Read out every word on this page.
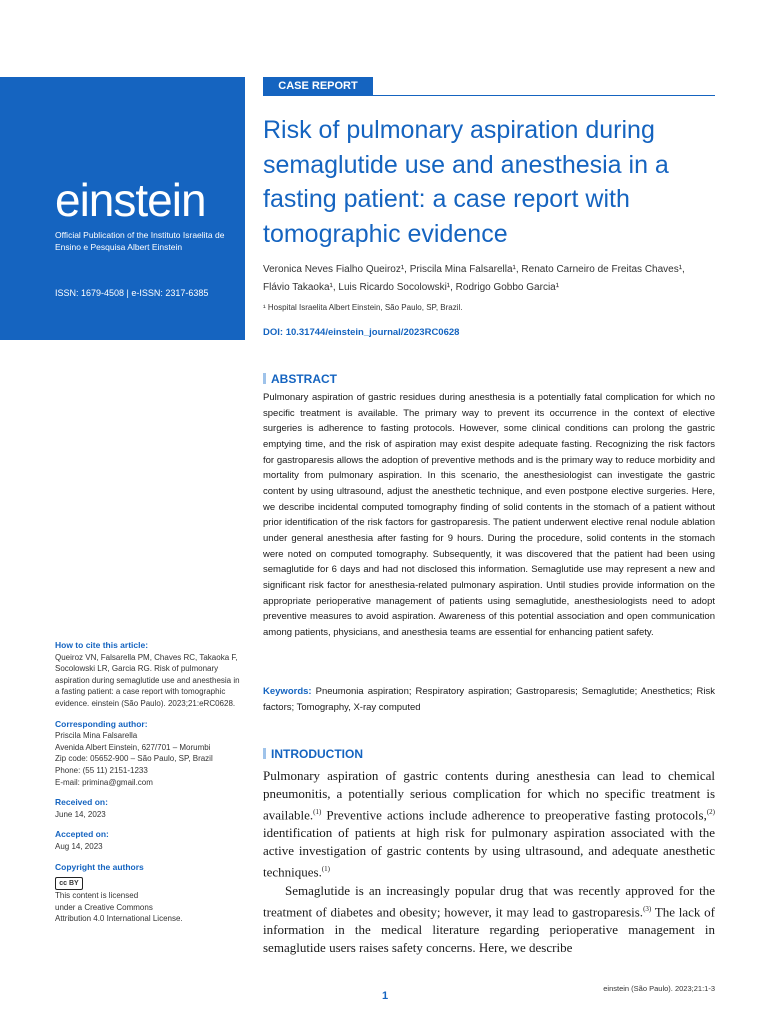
einstein
Official Publication of the Instituto Israelita de Ensino e Pesquisa Albert Einstein
ISSN: 1679-4508 | e-ISSN: 2317-6385
CASE REPORT
Risk of pulmonary aspiration during semaglutide use and anesthesia in a fasting patient: a case report with tomographic evidence
Veronica Neves Fialho Queiroz¹, Priscila Mina Falsarella¹, Renato Carneiro de Freitas Chaves¹,
Flávio Takaoka¹, Luis Ricardo Socolowski¹, Rodrigo Gobbo Garcia¹
¹ Hospital Israelita Albert Einstein, São Paulo, SP, Brazil.
DOI: 10.31744/einstein_journal/2023RC0628
ABSTRACT

Pulmonary aspiration of gastric residues during anesthesia is a potentially fatal complication for which no specific treatment is available. The primary way to prevent its occurrence in the context of elective surgeries is adherence to fasting protocols. However, some clinical conditions can prolong the gastric emptying time, and the risk of aspiration may exist despite adequate fasting. Recognizing the risk factors for gastroparesis allows the adoption of preventive methods and is the primary way to reduce morbidity and mortality from pulmonary aspiration. In this scenario, the anesthesiologist can investigate the gastric content by using ultrasound, adjust the anesthetic technique, and even postpone elective surgeries. Here, we describe incidental computed tomography finding of solid contents in the stomach of a patient without prior identification of the risk factors for gastroparesis. The patient underwent elective renal nodule ablation under general anesthesia after fasting for 9 hours. During the procedure, solid contents in the stomach were noted on computed tomography. Subsequently, it was discovered that the patient had been using semaglutide for 6 days and had not disclosed this information. Semaglutide use may represent a new and significant risk factor for anesthesia-related pulmonary aspiration. Until studies provide information on the appropriate perioperative management of patients using semaglutide, anesthesiologists need to adopt preventive measures to avoid aspiration. Awareness of this potential association and open communication among patients, physicians, and anesthesia teams are essential for enhancing patient safety.

Keywords: Pneumonia aspiration; Respiratory aspiration; Gastroparesis; Semaglutide; Anesthetics; Risk factors; Tomography, X-ray computed

INTRODUCTION

Pulmonary aspiration of gastric contents during anesthesia can lead to chemical pneumonitis, a potentially serious complication for which no specific treatment is available.$^{(1)}$ Preventive actions include adherence to preoperative fasting protocols,$^{(2)}$ identification of patients at high risk for pulmonary aspiration associated with the active investigation of gastric contents by using ultrasound, and adequate anesthetic techniques.$^{(1)}$

Semaglutide is an increasingly popular drug that was recently approved for the treatment of diabetes and obesity; however, it may lead to gastroparesis.$^{(3)}$ The lack of information in the medical literature regarding perioperative management in semaglutide users raises safety concerns. Here, we describe

How to cite this article:
Queiroz VN, Falsarella PM, Chaves RC, Takaoka F, Socolowski LR, Garcia RG. Risk of pulmonary aspiration during semaglutide use and anesthesia in a fasting patient: a case report with tomographic evidence. einstein (São Paulo). 2023;21:eRC0628.
Corresponding author:
Priscila Mina Falsarella
Avenida Albert Einstein, 627/701 – Morumbi
Zip code: 05652-900 – São Paulo, SP, Brazil
Phone: (55 11) 2151-1233
E-mail: primina@gmail.com
Received on:
June 14, 2023
Accepted on:
Aug 14, 2023
Copyright the authors
cc BY
This content is licensed
under a Creative Commons
Attribution 4.0 International License.
einstein (São Paulo). 2023;21:1-3
1
